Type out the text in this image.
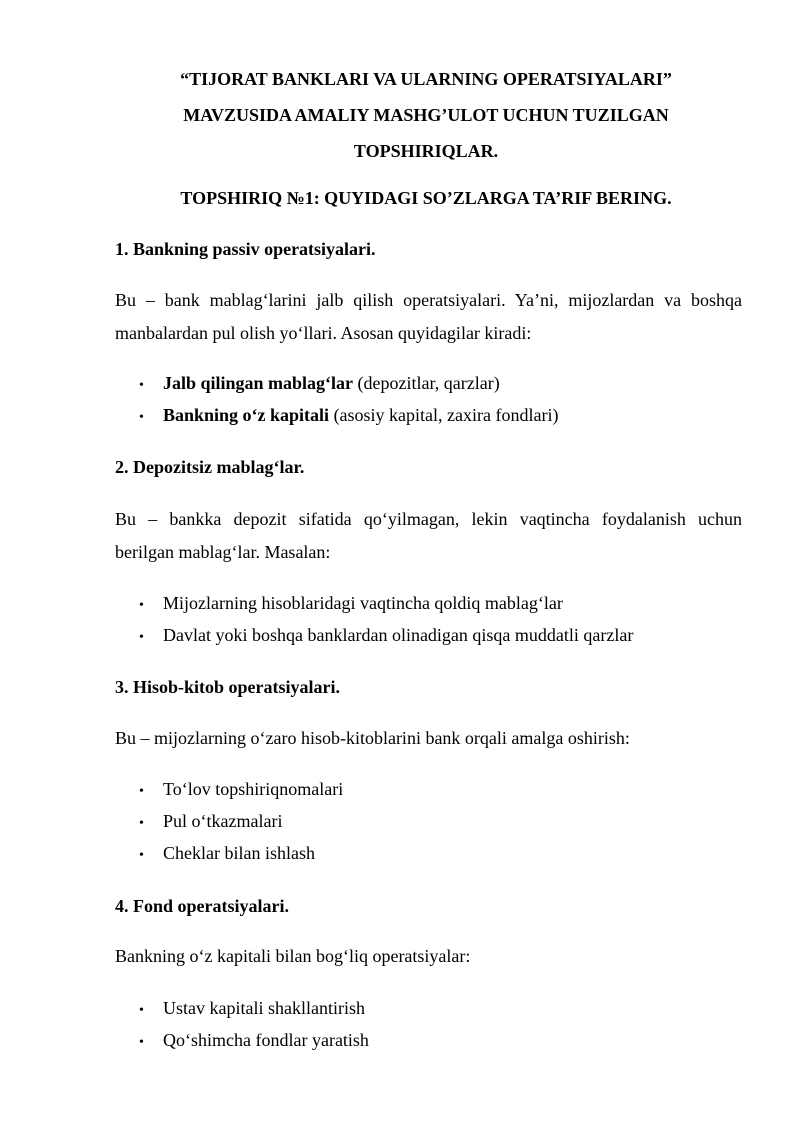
“TIJORAT BANKLARI VA ULARNING OPERATSIYALARI”
MAVZUSIDA AMALIY MASHG’ULOT UCHUN TUZILGAN
TOPSHIRIQLAR.
TOPSHIRIQ №1: QUYIDAGI SO’ZLARGA TA’RIF BERING.
1. Bankning passiv operatsiyalari.
Bu – bank mablag‘larini jalb qilish operatsiyalari. Ya’ni, mijozlardan va boshqa
manbalardan pul olish yo‘llari. Asosan quyidagilar kiradi:
• Jalb qilingan mablag‘lar (depozitlar, qarzlar)
• Bankning o‘z kapitali (asosiy kapital, zaxira fondlari)
2. Depozitsiz mablag‘lar.
Bu – bankka depozit sifatida qo‘yilmagan, lekin vaqtincha foydalanish uchun
berilgan mablag‘lar. Masalan:
• Mijozlarning hisoblaridagi vaqtincha qoldiq mablag‘lar
• Davlat yoki boshqa banklardan olinadigan qisqa muddatli qarzlar
3. Hisob-kitob operatsiyalari.
Bu – mijozlarning o‘zaro hisob-kitoblarini bank orqali amalga oshirish:
• To‘lov topshiriqnomalari
• Pul o‘tkazmalari
• Cheklar bilan ishlash
4. Fond operatsiyalari.
Bankning o‘z kapitali bilan bog‘liq operatsiyalar:
• Ustav kapitali shakllantirish
• Qo‘shimcha fondlar yaratish
